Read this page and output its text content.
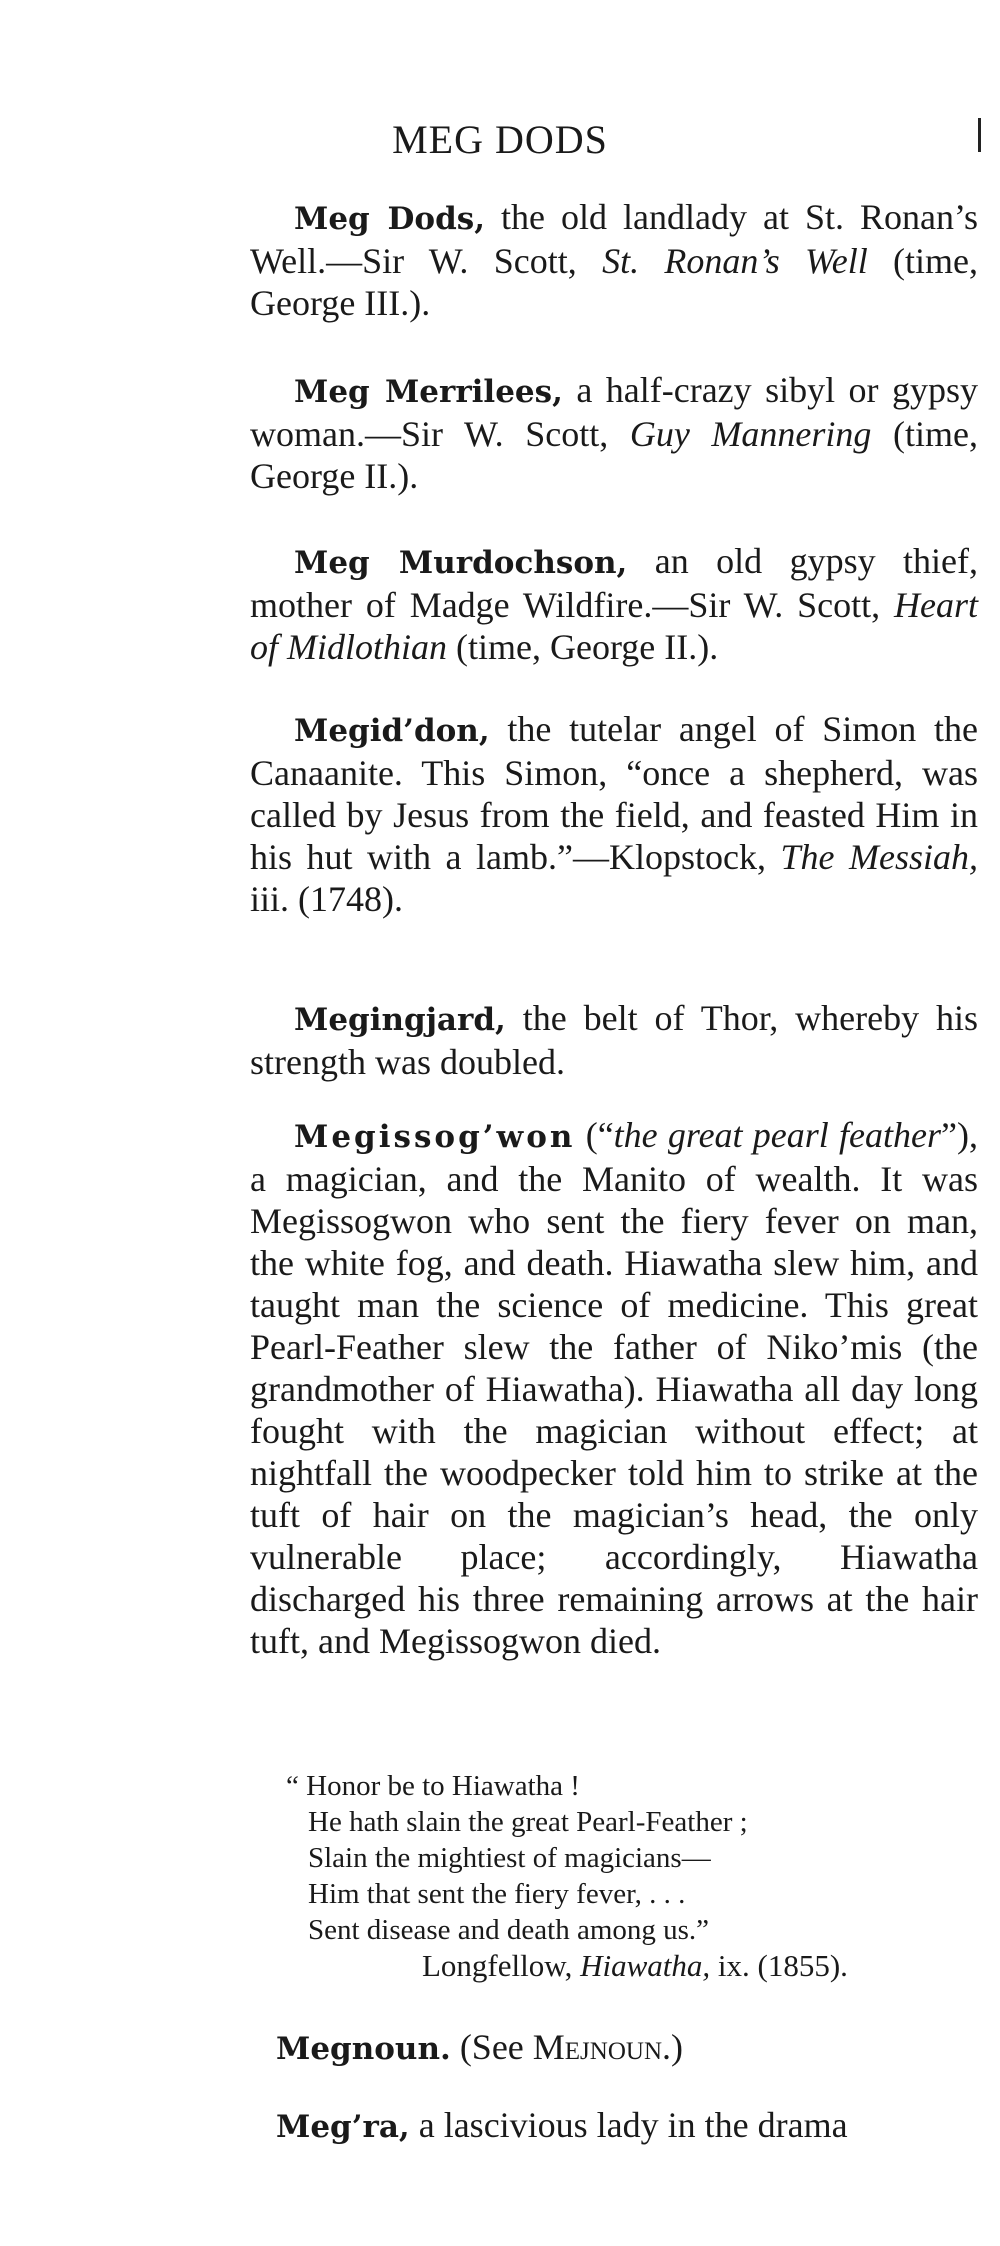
MEG DODS

Meg Dods, the old landlady at St. Ronan’s Well.—Sir W. Scott, St. Ronan’s Well (time, George III.).

Meg Merrilees, a half-crazy sibyl or gypsy woman.—Sir W. Scott, Guy Mannering (time, George II.).

Meg Murdochson, an old gypsy thief, mother of Madge Wildfire.—Sir W. Scott, Heart of Midlothian (time, George II.).

Megid’don, the tutelar angel of Simon the Canaanite. This Simon, “once a shepherd, was called by Jesus from the field, and feasted Him in his hut with a lamb.”—Klopstock, The Messiah, iii. (1748).

Megingjard, the belt of Thor, whereby his strength was doubled.

Megissog’won (“the great pearl feather”), a magician, and the Manito of wealth. It was Megissogwon who sent the fiery fever on man, the white fog, and death. Hiawatha slew him, and taught man the science of medicine. This great Pearl-Feather slew the father of Niko’mis (the grandmother of Hiawatha). Hiawatha all day long fought with the magician without effect; at nightfall the woodpecker told him to strike at the tuft of hair on the magician’s head, the only vulnerable place; accordingly, Hiawatha discharged his three remaining arrows at the hair tuft, and Megissogwon died.

“ Honor be to Hiawatha !
He hath slain the great Pearl-Feather ;
Slain the mightiest of magicians—
Him that sent the fiery fever, . . .
Sent disease and death among us.”
Longfellow, Hiawatha, ix. (1855).

Megnoun. (See Mejnoun.)

Meg’ra, a lascivious lady in the drama
